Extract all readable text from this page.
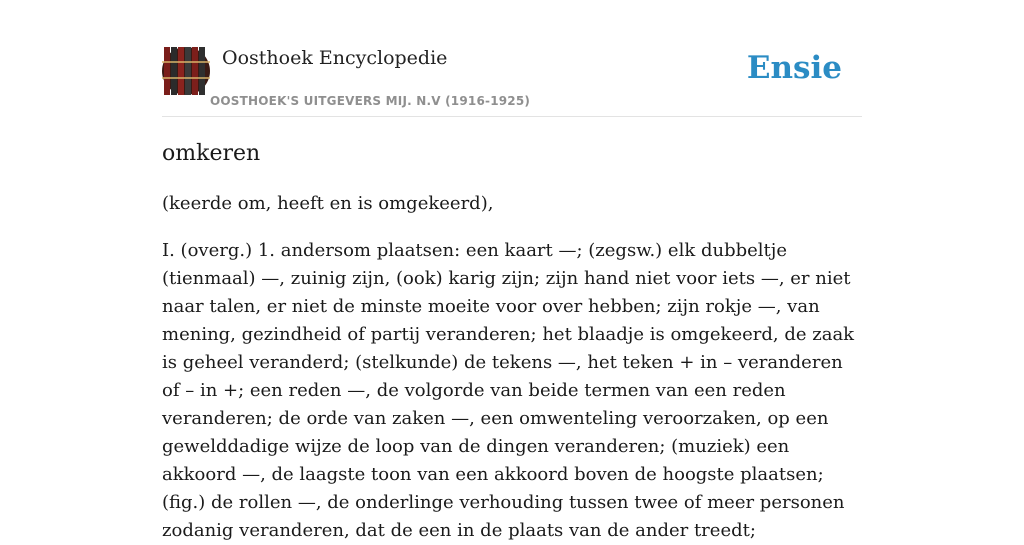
Oosthoek Encyclopedie
OOSTHOEK'S UITGEVERS MIJ. N.V (1916-1925)
Ensie
omkeren

(keerde om, heeft en is omgekeerd),

I. (overg.) 1. andersom plaatsen: een kaart —; (zegsw.) elk dubbeltje (tienmaal) —, zuinig zijn, (ook) karig zijn; zijn hand niet voor iets —, er niet naar talen, er niet de minste moeite voor over hebben; zijn rokje —, van mening, gezindheid of partij veranderen; het blaadje is omgekeerd, de zaak is geheel veranderd; (stelkunde) de tekens —, het teken + in – veranderen of – in +; een reden —, de volgorde van beide termen van een reden veranderen; de orde van zaken —, een omwenteling veroorzaken, op een gewelddadige wijze de loop van de dingen veranderen; (muziek) een akkoord —, de laagste toon van een akkoord boven de hoogste plaatsen; (fig.) de rollen —, de onderlinge verhouding tussen twee of meer personen zodanig veranderen, dat de een in de plaats van de ander treedt;
